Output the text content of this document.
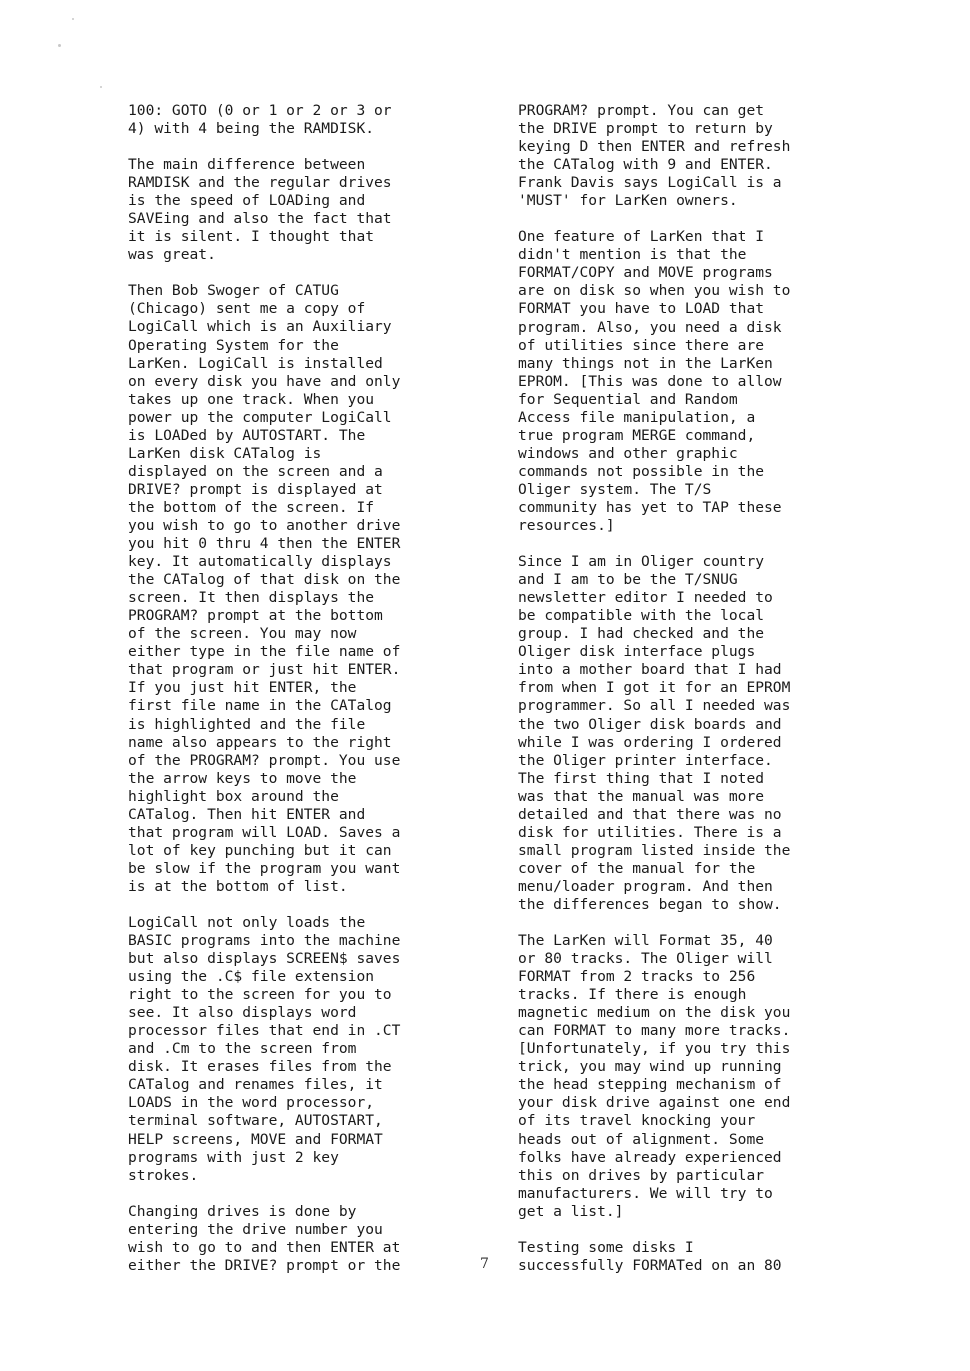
100: GOTO (0 or 1 or 2 or 3 or
4) with 4 being the RAMDISK.

The main difference between
RAMDISK and the regular drives
is the speed of LOADing and
SAVEing and also the fact that
it is silent. I thought that
was great.

Then Bob Swoger of CATUG
(Chicago) sent me a copy of
LogiCall which is an Auxiliary
Operating System for the
LarKen. LogiCall is installed
on every disk you have and only
takes up one track. When you
power up the computer LogiCall
is LOADed by AUTOSTART. The
LarKen disk CATalog is
displayed on the screen and a
DRIVE? prompt is displayed at
the bottom of the screen. If
you wish to go to another drive
you hit 0 thru 4 then the ENTER
key. It automatically displays
the CATalog of that disk on the
screen. It then displays the
PROGRAM? prompt at the bottom
of the screen. You may now
either type in the file name of
that program or just hit ENTER.
If you just hit ENTER, the
first file name in the CATalog
is highlighted and the file
name also appears to the right
of the PROGRAM? prompt. You use
the arrow keys to move the
highlight box around the
CATalog. Then hit ENTER and
that program will LOAD. Saves a
lot of key punching but it can
be slow if the program you want
is at the bottom of list.

LogiCall not only loads the
BASIC programs into the machine
but also displays SCREEN$ saves
using the .C$ file extension
right to the screen for you to
see. It also displays word
processor files that end in .CT
and .Cm to the screen from
disk. It erases files from the
CATalog and renames files, it
LOADS in the word processor,
terminal software, AUTOSTART,
HELP screens, MOVE and FORMAT
programs with just 2 key
strokes.

Changing drives is done by
entering the drive number you
wish to go to and then ENTER at
either the DRIVE? prompt or the

PROGRAM? prompt. You can get
the DRIVE prompt to return by
keying D then ENTER and refresh
the CATalog with 9 and ENTER.
Frank Davis says LogiCall is a
'MUST' for LarKen owners.

One feature of LarKen that I
didn't mention is that the
FORMAT/COPY and MOVE programs
are on disk so when you wish to
FORMAT you have to LOAD that
program. Also, you need a disk
of utilities since there are
many things not in the LarKen
EPROM. [This was done to allow
for Sequential and Random
Access file manipulation, a
true program MERGE command,
windows and other graphic
commands not possible in the
Oliger system. The T/S
community has yet to TAP these
resources.]

Since I am in Oliger country
and I am to be the T/SNUG
newsletter editor I needed to
be compatible with the local
group. I had checked and the
Oliger disk interface plugs
into a mother board that I had
from when I got it for an EPROM
programmer. So all I needed was
the two Oliger disk boards and
while I was ordering I ordered
the Oliger printer interface.
The first thing that I noted
was that the manual was more
detailed and that there was no
disk for utilities. There is a
small program listed inside the
cover of the manual for the
menu/loader program. And then
the differences began to show.

The LarKen will Format 35, 40
or 80 tracks. The Oliger will
FORMAT from 2 tracks to 256
tracks. If there is enough
magnetic medium on the disk you
can FORMAT to many more tracks.
[Unfortunately, if you try this
trick, you may wind up running
the head stepping mechanism of
your disk drive against one end
of its travel knocking your
heads out of alignment. Some
folks have already experienced
this on drives by particular
manufacturers. We will try to
get a list.]

Testing some disks I
successfully FORMATed on an 80

7
